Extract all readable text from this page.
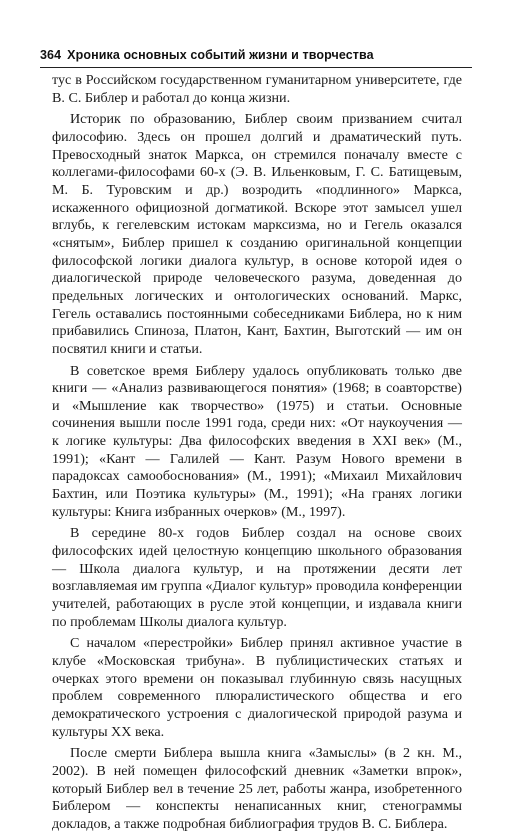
364 Хроника основных событий жизни и творчества

тус в Российском государственном гуманитарном университете, где В. С. Библер и работал до конца жизни.

Историк по образованию, Библер своим призванием считал философию. Здесь он прошел долгий и драматический путь. Превосходный знаток Маркса, он стремился поначалу вместе с коллегами-философами 60-х (Э. В. Ильенковым, Г. С. Батищевым, М. Б. Туровским и др.) возродить «подлинного» Маркса, искаженного официозной догматикой. Вскоре этот замысел ушел вглубь, к гегелевским истокам марксизма, но и Гегель оказался «снятым», Библер пришел к созданию оригинальной концепции философской логики диалога культур, в основе которой идея о диалогической природе человеческого разума, доведенная до предельных логических и онтологических оснований. Маркс, Гегель оставались постоянными собеседниками Библера, но к ним прибавились Спиноза, Платон, Кант, Бахтин, Выготский — им он посвятил книги и статьи.

В советское время Библеру удалось опубликовать только две книги — «Анализ развивающегося понятия» (1968; в соавторстве) и «Мышление как творчество» (1975) и статьи. Основные сочинения вышли после 1991 года, среди них: «От наукоучения — к логике культуры: Два философских введения в XXI век» (М., 1991); «Кант — Галилей — Кант. Разум Нового времени в парадоксах самообоснования» (М., 1991); «Михаил Михайлович Бахтин, или Поэтика культуры» (М., 1991); «На гранях логики культуры: Книга избранных очерков» (М., 1997).

В середине 80-х годов Библер создал на основе своих философских идей целостную концепцию школьного образования — Школа диалога культур, и на протяжении десяти лет возглавляемая им группа «Диалог культур» проводила конференции учителей, работающих в русле этой концепции, и издавала книги по проблемам Школы диалога культур.

С началом «перестройки» Библер принял активное участие в клубе «Московская трибуна». В публицистических статьях и очерках этого времени он показывал глубинную связь насущных проблем современного плюралистического общества и его демократического устроения с диалогической природой разума и культуры XX века.

После смерти Библера вышла книга «Замыслы» (в 2 кн. М., 2002). В ней помещен философский дневник «Заметки впрок», который Библер вел в течение 25 лет, работы жанра, изобретенного Библером — конспекты ненаписанных книг, стенограммы докладов, а также подробная библиография трудов В. С. Библера.
